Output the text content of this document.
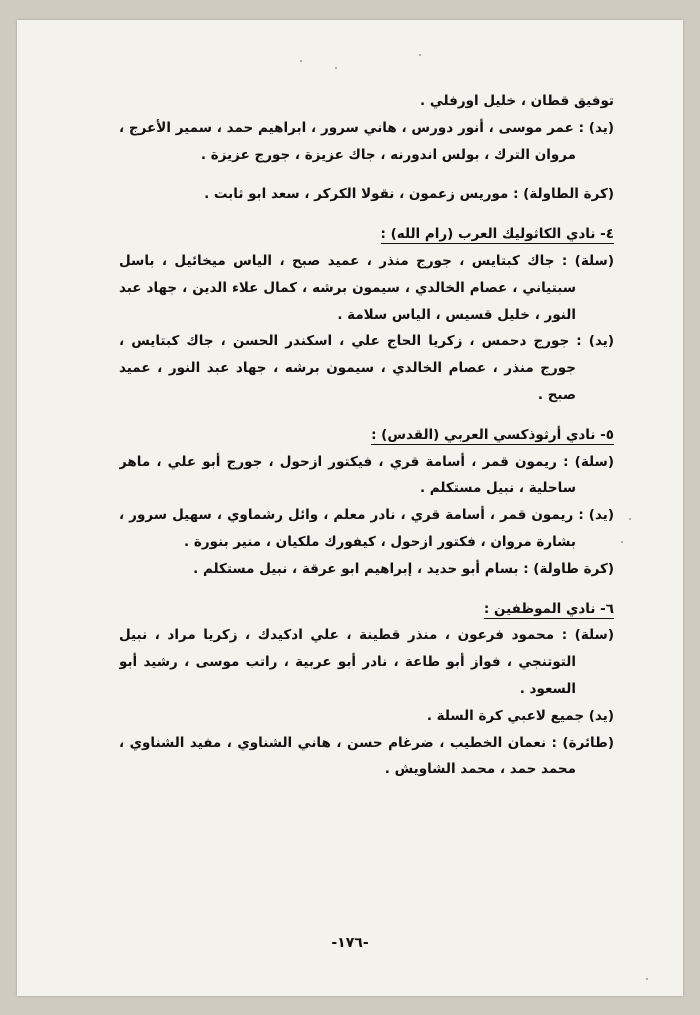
توفيق قطان ، خليل اورفلي .
(يد) : عمر موسى ، أنور دورس ، هاني سرور ، ابراهيم حمد ، سمير الأعرج ،
مروان الترك ، بولس اندورنه ، جاك عزيزة ، جورج عزيزة .
(كرة الطاولة) : موريس زعمون ، نقولا الكركر ، سعد ابو ثابت .
٤- نادي الكاثوليك العرب (رام الله) :
(سلة) : جاك كبتايس ، جورج منذر ، عميد صبح ، الياس ميخائيل ، باسل
سبتياني ، عصام الخالدي ، سيمون برشه ، كمال علاء الدين ، جهاد عبد
النور ، خليل قسيس ، الياس سلامة .
(يد) : جورج دحمس ، زكريا الحاج علي ، اسكندر الحسن ، جاك كبتايس ،
جورج منذر ، عصام الخالدي ، سيمون برشه ، جهاد عبد النور ، عميد
صبح .
٥- نادي أرثوذكسي العربي (القدس) :
(سلة) : ريمون قمر ، أسامة قري ، فيكتور ازحول ، جورج أبو علي ، ماهر
ساحلية ، نبيل مستكلم .
(يد) : ريمون قمر ، أسامة قري ، نادر معلم ، وائل رشماوي ، سهيل سرور ،
بشارة مروان ، فكتور ازحول ، كيفورك ملكيان ، منير بنورة .
(كرة طاولة) : بسام أبو حديد ، إبراهيم ابو عرقة ، نبيل مستكلم .
٦- نادي الموظفين :
(سلة) : محمود فرعون ، منذر قطينة ، علي ادكيدك ، زكريا مراد ، نبيل
التوتنجي ، فواز أبو طاعة ، نادر أبو عربية ، راتب موسى ، رشيد أبو
السعود .
(يد) جميع لاعبي كرة السلة .
(طائرة) : نعمان الخطيب ، ضرغام حسن ، هاني الشناوي ، مفيد الشناوي ،
محمد حمد ، محمد الشاويش .
-١٧٦-
